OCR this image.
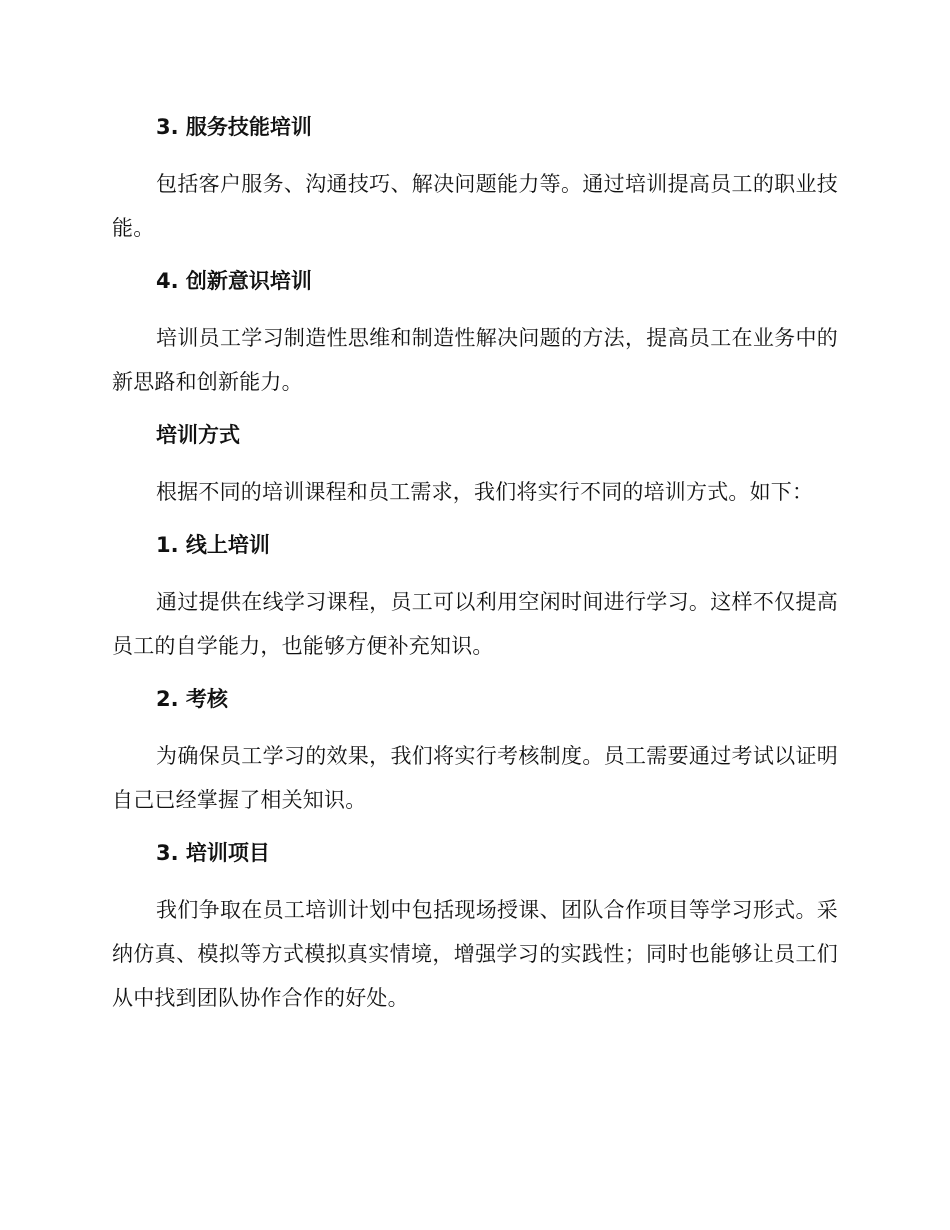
3. 服务技能培训

包括客户服务、沟通技巧、解决问题能力等。通过培训提高员工的职业技能。

4. 创新意识培训

培训员工学习制造性思维和制造性解决问题的方法，提高员工在业务中的新思路和创新能力。

培训方式

根据不同的培训课程和员工需求，我们将实行不同的培训方式。如下：

1. 线上培训

通过提供在线学习课程，员工可以利用空闲时间进行学习。这样不仅提高员工的自学能力，也能够方便补充知识。

2. 考核

为确保员工学习的效果，我们将实行考核制度。员工需要通过考试以证明自己已经掌握了相关知识。

3. 培训项目

我们争取在员工培训计划中包括现场授课、团队合作项目等学习形式。采纳仿真、模拟等方式模拟真实情境，增强学习的实践性；同时也能够让员工们从中找到团队协作合作的好处。
